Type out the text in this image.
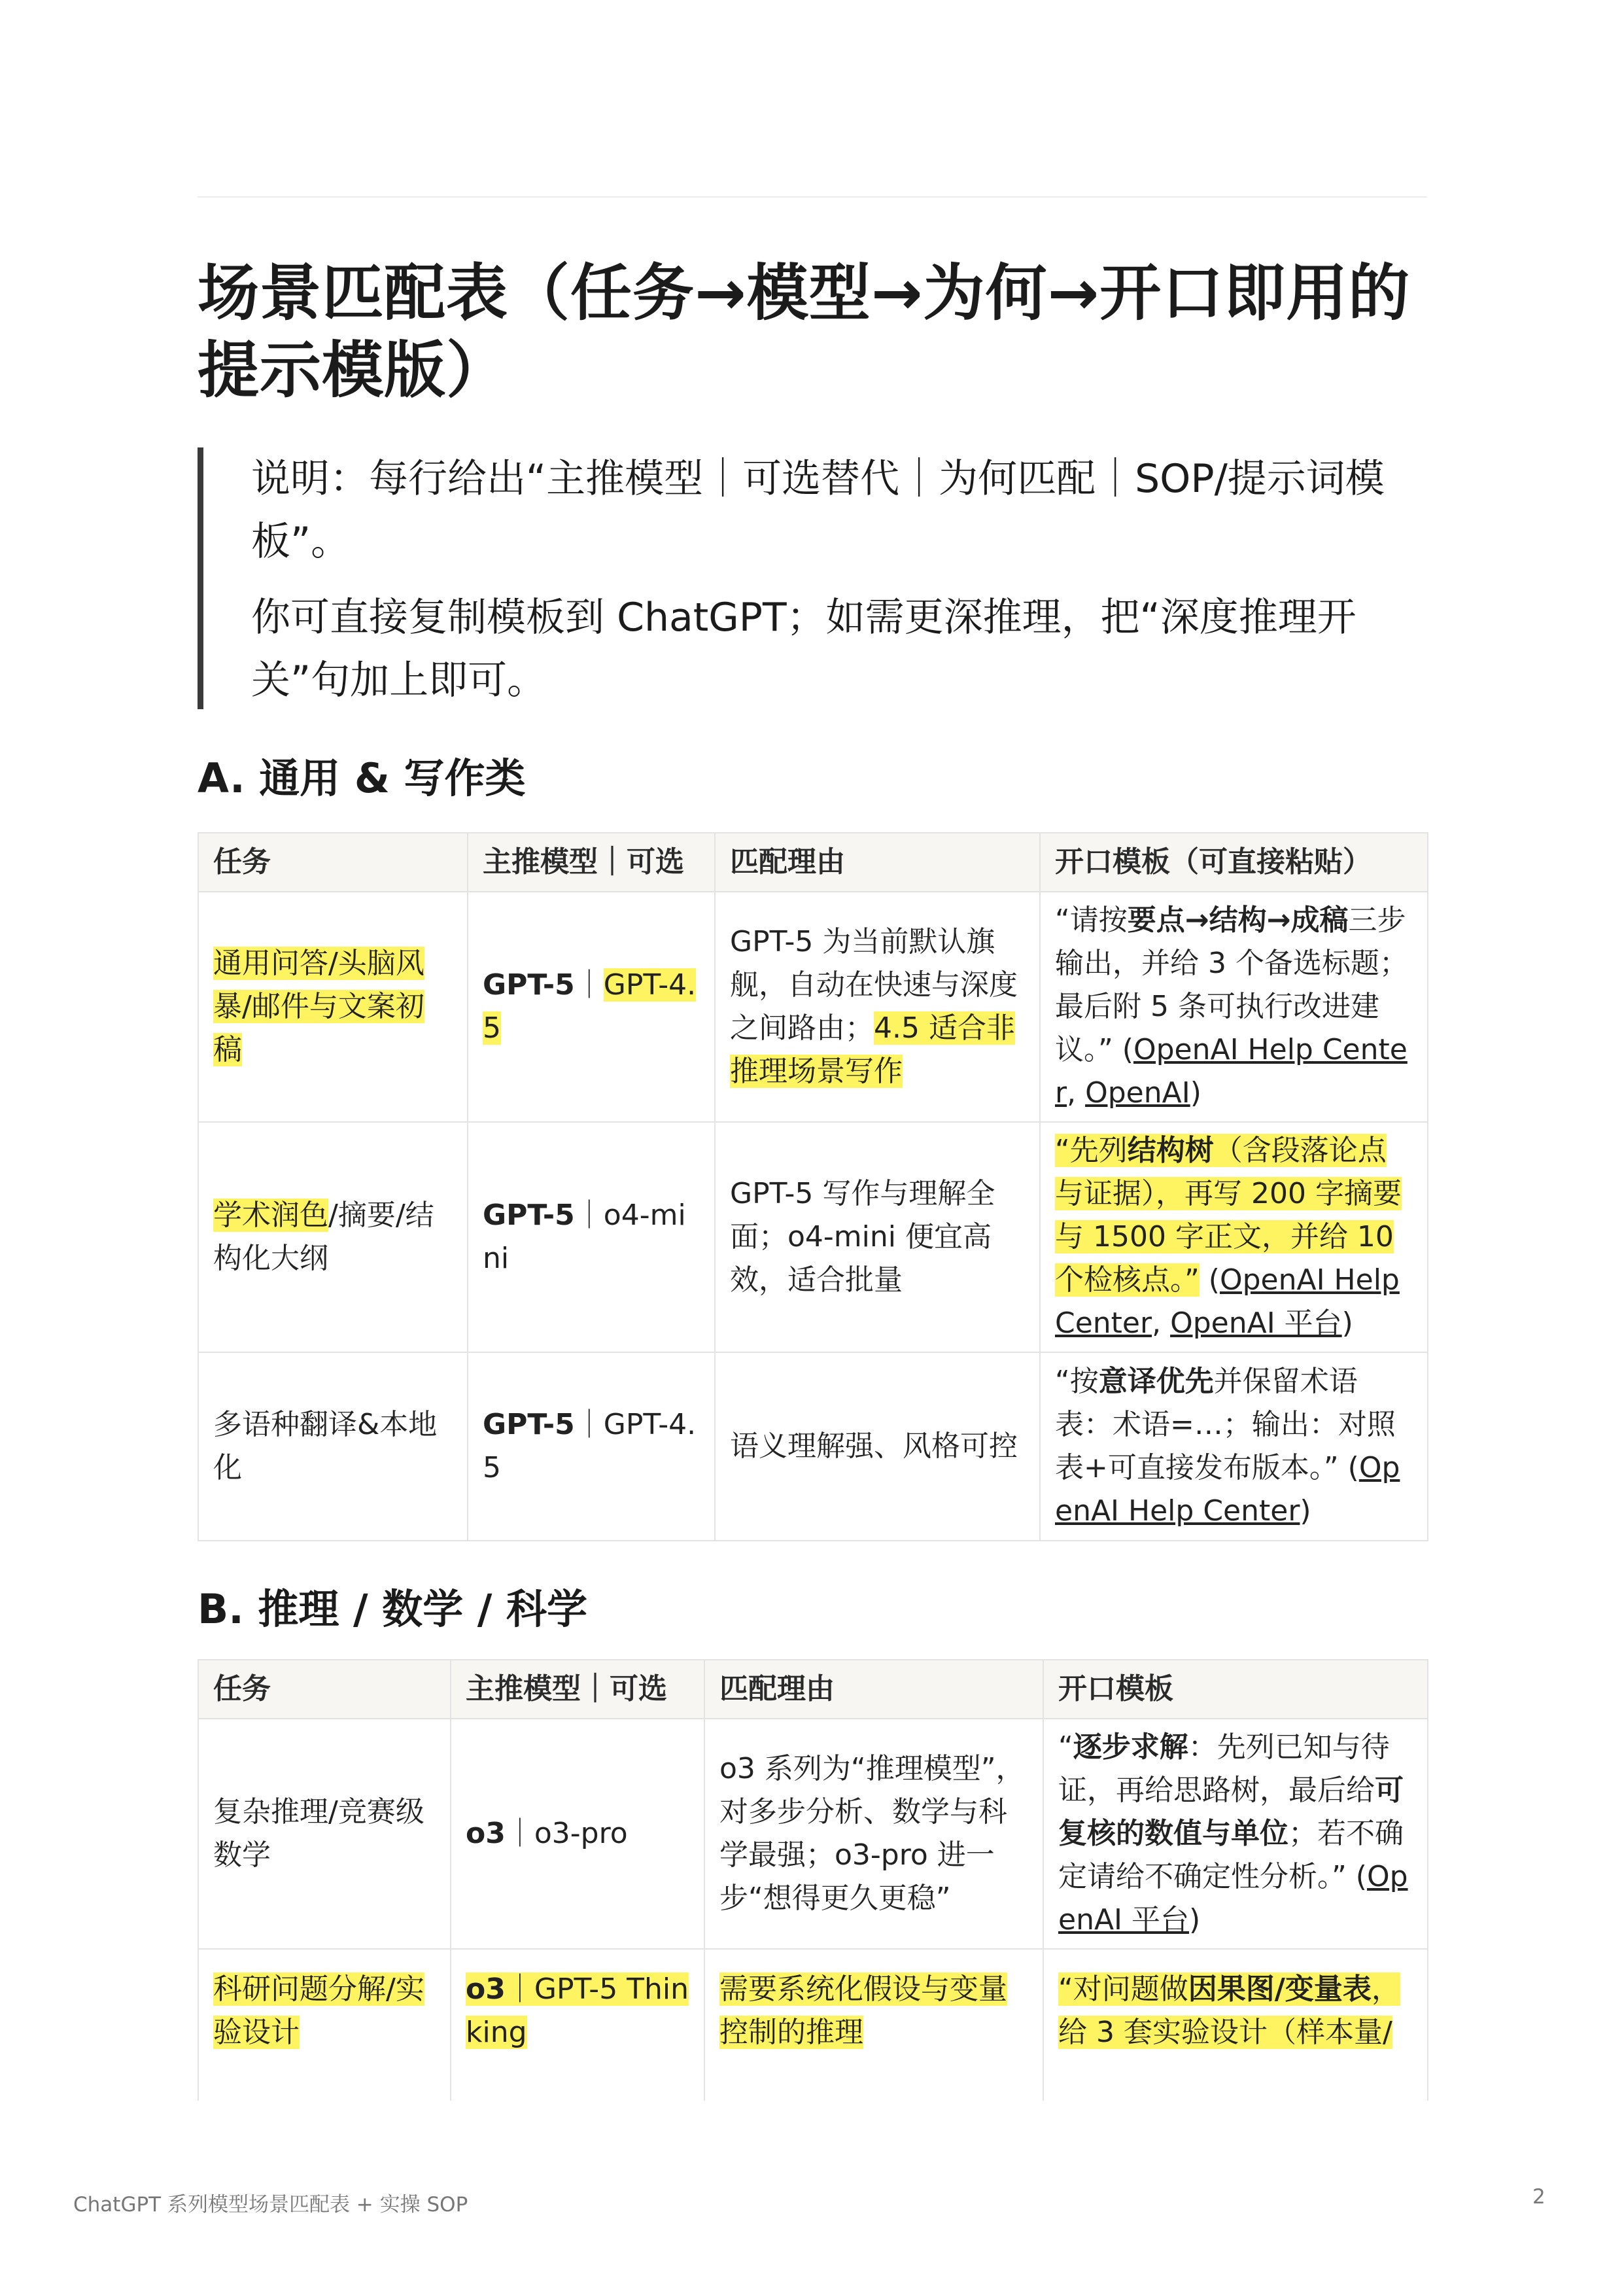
场景匹配表（任务→模型→为何→开口即用的提示模版）

说明：每行给出“主推模型｜可选替代｜为何匹配｜SOP/提示词模板”。

你可直接复制模板到 ChatGPT；如需更深推理，把“深度推理开关”句加上即可。

A. 通用 & 写作类
任务	主推模型｜可选	匹配理由	开口模板（可直接粘贴）
通用问答/头脑风暴/邮件与文案初稿	GPT-5｜GPT-4.5	GPT-5 为当前默认旗舰，自动在快速与深度之间路由；4.5 适合非推理场景写作	“请按要点→结构→成稿三步输出，并给 3 个备选标题；最后附 5 条可执行改进建议。” (OpenAI Help Center, OpenAI)
学术润色/摘要/结构化大纲	GPT-5｜o4-mini	GPT-5 写作与理解全面；o4-mini 便宜高效，适合批量	“先列结构树（含段落论点与证据），再写 200 字摘要与 1500 字正文，并给 10 个检核点。” (OpenAI Help Center, OpenAI 平台)
多语种翻译&本地化	GPT-5｜GPT-4.5	语义理解强、风格可控	“按意译优先并保留术语表：术语=…；输出：对照表+可直接发布版本。” (OpenAI Help Center)
B. 推理 / 数学 / 科学
任务	主推模型｜可选	匹配理由	开口模板
复杂推理/竞赛级数学	o3｜o3-pro	o3 系列为“推理模型”，对多步分析、数学与科学最强；o3-pro 进一步“想得更久更稳”	“逐步求解：先列已知与待证，再给思路树，最后给可复核的数值与单位；若不确定请给不确定性分析。” (OpenAI 平台)
科研问题分解/实验设计	o3｜GPT-5 Thinking	需要系统化假设与变量控制的推理	“对问题做因果图/变量表，给 3 套实验设计（样本量/
ChatGPT 系列模型场景匹配表 + 实操 SOP	2
